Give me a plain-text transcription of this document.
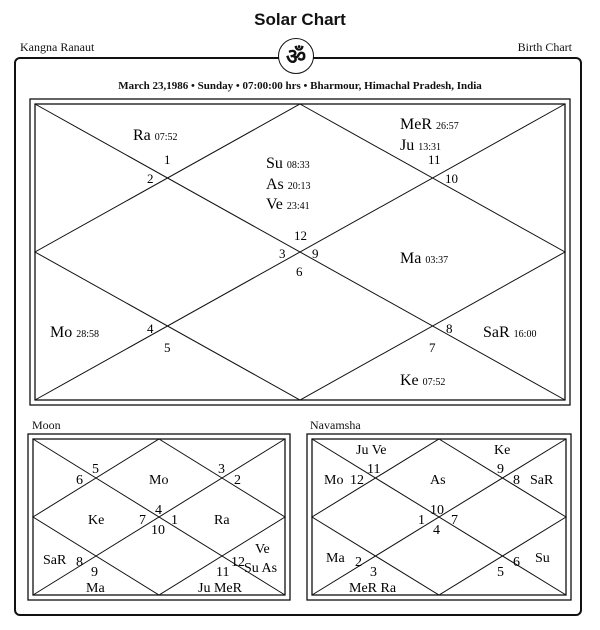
Solar Chart
Kangna Ranaut	Birth Chart
ॐ
March 23,1986 • Sunday • 07:00:00 hrs • Bharmour, Himachal Pradesh, India
Moon	Navamsha
Ra 07:52
MeR 26:57
Ju 13:31
Su 08:33
As 20:13
Ve 23:41
Ma 03:37
Mo 28:58	SaR 16:00
Ke 07:52
1
2
11
10
12
3 9
6
4
5
8
7
5
6
3
2
4
7 1
10
8
9
12
11
Mo
Ke	Ra
SaR
Ma
Ve
Su As
Ju MeR
11
12
9
8
10
1 7
4
2
3
6
5
Ju Ve	Ke
Mo	SaR
As
Ma	Su
MeR Ra
